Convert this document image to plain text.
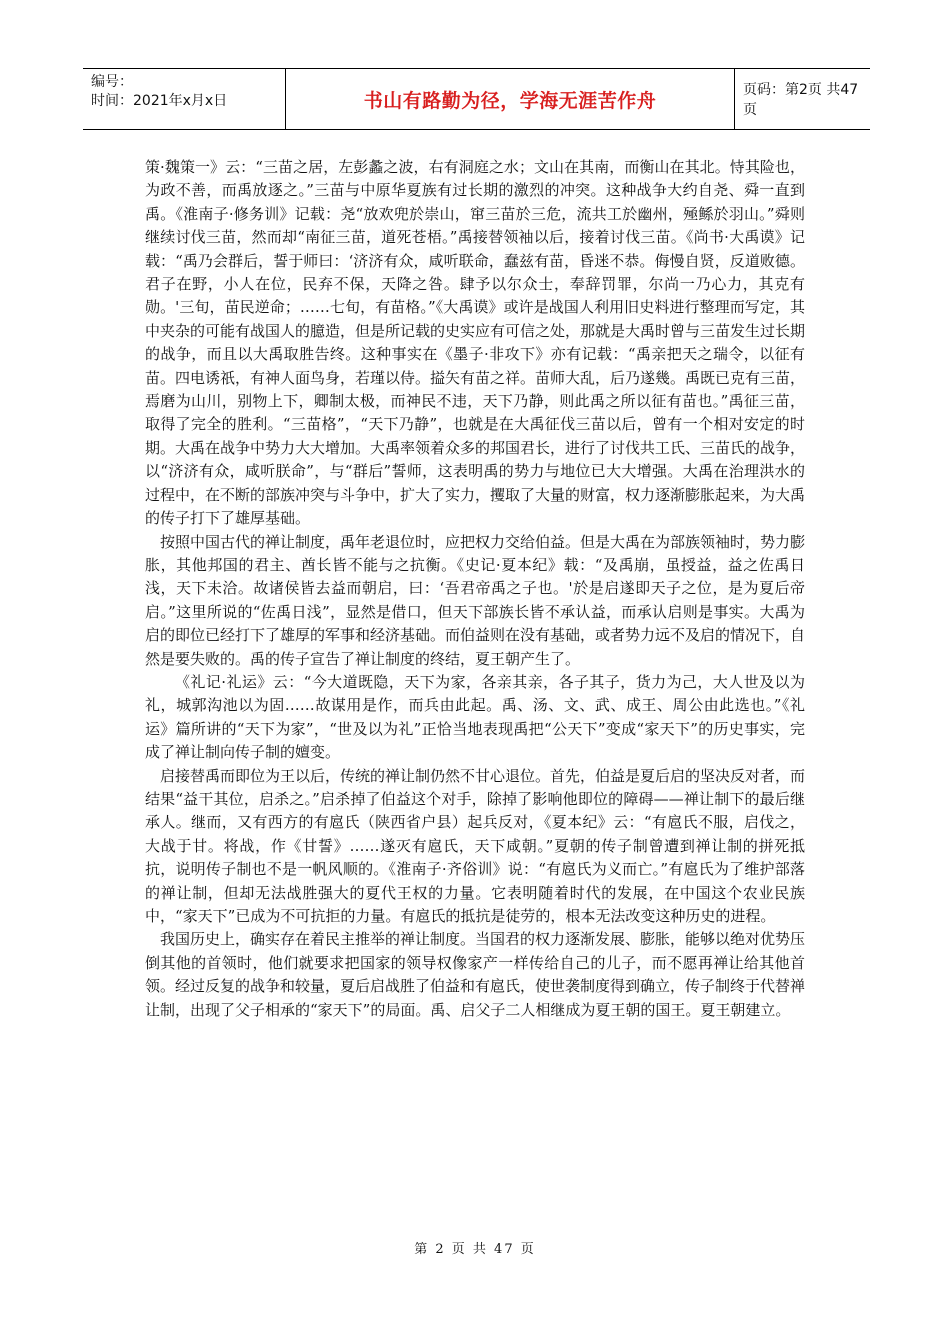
编号：
时间：2021年x月x日	书山有路勤为径，学海无涯苦作舟	页码：第2页 共47页

策·魏策一》云：“三苗之居，左彭蠡之波，右有洞庭之水；文山在其南，而衡山在其北。恃其险也，为政不善，而禹放逐之。”三苗与中原华夏族有过长期的激烈的冲突。这种战争大约自尧、舜一直到禹。《淮南子·修务训》记载：尧“放欢兜於崇山，窜三苗於三危，流共工於幽州，殛鲧於羽山。”舜则继续讨伐三苗，然而却“南征三苗，道死苍梧。”禹接替领袖以后，接着讨伐三苗。《尚书·大禹谟》记载：“禹乃会群后，誓于师曰：‘济济有众，咸听联命，蠢兹有苗，昏迷不恭。侮慢自贤，反道败德。君子在野，小人在位，民弃不保，天降之咎。肆予以尔众士，奉辞罚罪，尔尚一乃心力，其克有勋。'三旬，苗民逆命；……七旬，有苗格。”《大禹谟》或许是战国人利用旧史料进行整理而写定，其中夹杂的可能有战国人的臆造，但是所记载的史实应有可信之处，那就是大禹时曾与三苗发生过长期的战争，而且以大禹取胜告终。这种事实在《墨子·非攻下》亦有记载：“禹亲把天之瑞令，以征有苗。四电诱祇，有神人面鸟身，若瑾以侍。搤矢有苗之祥。苗师大乱，后乃遂幾。禹既已克有三苗，焉磨为山川，别物上下，卿制太极，而神民不违，天下乃静，则此禹之所以征有苗也。”禹征三苗，取得了完全的胜利。“三苗格”，“天下乃静”，也就是在大禹征伐三苗以后，曾有一个相对安定的时期。大禹在战争中势力大大增加。大禹率领着众多的邦国君长，进行了讨伐共工氏、三苗氏的战争，以“济济有众，咸听朕命”，与“群后”誓师，这表明禹的势力与地位已大大增强。大禹在治理洪水的过程中，在不断的部族冲突与斗争中，扩大了实力，攫取了大量的财富，权力逐渐膨胀起来，为大禹的传子打下了雄厚基础。

按照中国古代的禅让制度，禹年老退位时，应把权力交给伯益。但是大禹在为部族领袖时，势力膨胀，其他邦国的君主、酋长皆不能与之抗衡。《史记·夏本纪》载：“及禹崩，虽授益，益之佐禹日浅，天下未洽。故诸侯皆去益而朝启，曰：‘吾君帝禹之子也。'於是启遂即天子之位，是为夏后帝启。”这里所说的“佐禹日浅”，显然是借口，但天下部族长皆不承认益，而承认启则是事实。大禹为启的即位已经打下了雄厚的军事和经济基础。而伯益则在没有基础，或者势力远不及启的情况下，自然是要失败的。禹的传子宣告了禅让制度的终结，夏王朝产生了。

《礼记·礼运》云：“今大道既隐，天下为家，各亲其亲，各子其子，货力为己，大人世及以为礼，城郭沟池以为固……故谋用是作，而兵由此起。禹、汤、文、武、成王、周公由此选也。”《礼运》篇所讲的“天下为家”，“世及以为礼”正恰当地表现禹把“公天下”变成“家天下”的历史事实，完成了禅让制向传子制的嬗变。

启接替禹而即位为王以后，传统的禅让制仍然不甘心退位。首先，伯益是夏后启的坚决反对者，而结果“益干其位，启杀之。”启杀掉了伯益这个对手，除掉了影响他即位的障碍——禅让制下的最后继承人。继而，又有西方的有扈氏（陕西省户县）起兵反对，《夏本纪》云：“有扈氏不服，启伐之，大战于甘。将战，作《甘誓》……遂灭有扈氏，天下咸朝。”夏朝的传子制曾遭到禅让制的拼死抵抗，说明传子制也不是一帆风顺的。《淮南子·齐俗训》说：“有扈氏为义而亡。”有扈氏为了维护部落的禅让制，但却无法战胜强大的夏代王权的力量。它表明随着时代的发展，在中国这个农业民族中，“家天下”已成为不可抗拒的力量。有扈氏的抵抗是徒劳的，根本无法改变这种历史的进程。

我国历史上，确实存在着民主推举的禅让制度。当国君的权力逐渐发展、膨胀，能够以绝对优势压倒其他的首领时，他们就要求把国家的领导权像家产一样传给自己的儿子，而不愿再禅让给其他首领。经过反复的战争和较量，夏后启战胜了伯益和有扈氏，使世袭制度得到确立，传子制终于代替禅让制，出现了父子相承的“家天下”的局面。禹、启父子二人相继成为夏王朝的国王。夏王朝建立。

第 2 页 共 47 页
